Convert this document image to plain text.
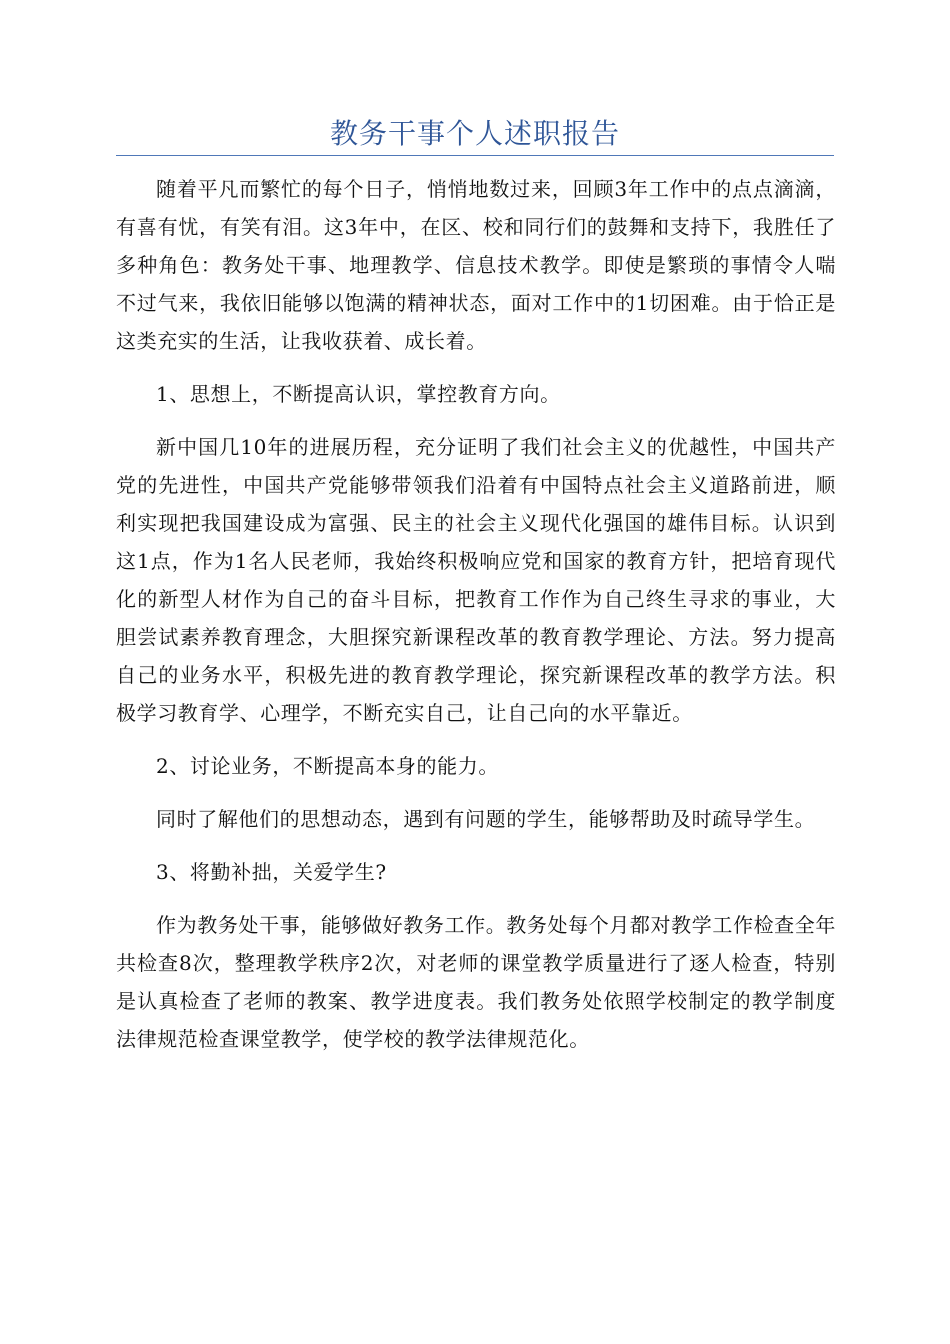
教务干事个人述职报告

随着平凡而繁忙的每个日子，悄悄地数过来，回顾3年工作中的点点滴滴，有喜有忧，有笑有泪。这3年中，在区、校和同行们的鼓舞和支持下，我胜任了多种角色：教务处干事、地理教学、信息技术教学。即使是繁琐的事情令人喘不过气来，我依旧能够以饱满的精神状态，面对工作中的1切困难。由于恰正是这类充实的生活，让我收获着、成长着。

1、思想上，不断提高认识，掌控教育方向。

新中国几10年的进展历程，充分证明了我们社会主义的优越性，中国共产党的先进性，中国共产党能够带领我们沿着有中国特点社会主义道路前进，顺利实现把我国建设成为富强、民主的社会主义现代化强国的雄伟目标。认识到这1点，作为1名人民老师，我始终积极响应党和国家的教育方针，把培育现代化的新型人材作为自己的奋斗目标，把教育工作作为自己终生寻求的事业，大胆尝试素养教育理念，大胆探究新课程改革的教育教学理论、方法。努力提高自己的业务水平，积极先进的教育教学理论，探究新课程改革的教学方法。积极学习教育学、心理学，不断充实自己，让自己向的水平靠近。

2、讨论业务，不断提高本身的能力。

同时了解他们的思想动态，遇到有问题的学生，能够帮助及时疏导学生。

3、将勤补拙，关爱学生?

作为教务处干事，能够做好教务工作。教务处每个月都对教学工作检查全年共检查8次，整理教学秩序2次，对老师的课堂教学质量进行了逐人检查，特别是认真检查了老师的教案、教学进度表。我们教务处依照学校制定的教学制度法律规范检查课堂教学，使学校的教学法律规范化。
